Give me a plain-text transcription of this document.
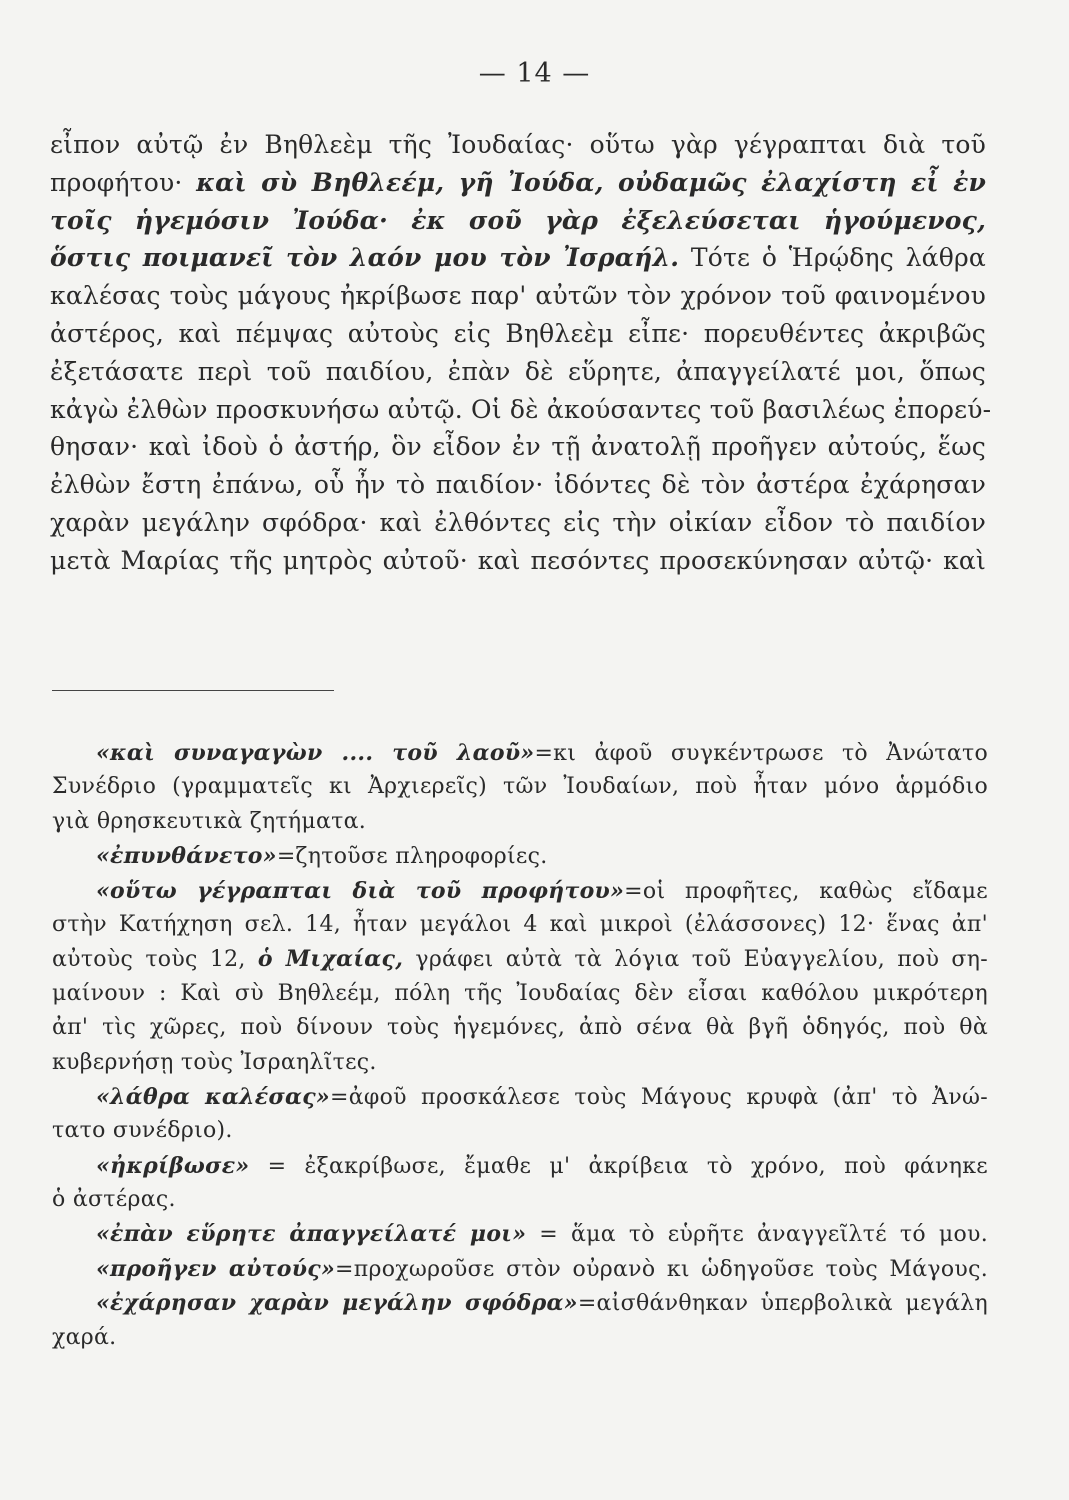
— 14 —
εἶπον αὐτῷ ἐν Βηθλεὲμ τῆς Ἰουδαίας· οὕτω γὰρ γέγραπται διὰ τοῦ
προφήτου· καὶ σὺ Βηθλεέμ, γῆ Ἰούδα, οὐδαμῶς ἐλαχίστη εἶ ἐν
τοῖς ἡγεμόσιν Ἰούδα· ἐκ σοῦ γὰρ ἐξελεύσεται ἡγούμενος,
ὅστις ποιμανεῖ τὸν λαόν μου τὸν Ἰσραήλ. Τότε ὁ Ἡρῴδης λάθρα
καλέσας τοὺς μάγους ἠκρίβωσε παρ' αὐτῶν τὸν χρόνον τοῦ φαινομένου
ἀστέρος, καὶ πέμψας αὐτοὺς εἰς Βηθλεὲμ εἶπε· πορευθέντες ἀκριβῶς
ἐξετάσατε περὶ τοῦ παιδίου, ἐπὰν δὲ εὕρητε, ἀπαγγείλατέ μοι, ὅπως
κἀγὼ ἐλθὼν προσκυνήσω αὐτῷ. Οἱ δὲ ἀκούσαντες τοῦ βασιλέως ἐπορεύ-
θησαν· καὶ ἰδοὺ ὁ ἀστήρ, ὃν εἶδον ἐν τῇ ἀνατολῇ προῆγεν αὐτούς, ἕως
ἐλθὼν ἔστη ἐπάνω, οὗ ἦν τὸ παιδίον· ἰδόντες δὲ τὸν ἀστέρα ἐχάρησαν
χαρὰν μεγάλην σφόδρα· καὶ ἐλθόντες εἰς τὴν οἰκίαν εἶδον τὸ παιδίον
μετὰ Μαρίας τῆς μητρὸς αὐτοῦ· καὶ πεσόντες προσεκύνησαν αὐτῷ· καὶ
«καὶ συναγαγὼν .... τοῦ λαοῦ»=κι ἀφοῦ συγκέντρωσε τὸ Ἀνώτατο
Συνέδριο (γραμματεῖς κι Ἀρχιερεῖς) τῶν Ἰουδαίων, ποὺ ἦταν μόνο ἁρμόδιο
γιὰ θρησκευτικὰ ζητήματα.
«ἐπυνθάνετο»=ζητοῦσε πληροφορίες.
«οὕτω γέγραπται διὰ τοῦ προφήτου»=οἱ προφῆτες, καθὼς εἴδαμε
στὴν Κατήχηση σελ. 14, ἦταν μεγάλοι 4 καὶ μικροὶ (ἐλάσσονες) 12· ἕνας ἀπ'
αὐτοὺς τοὺς 12, ὁ Μιχαίας, γράφει αὐτὰ τὰ λόγια τοῦ Εὐαγγελίου, ποὺ ση-
μαίνουν : Καὶ σὺ Βηθλεέμ, πόλη τῆς Ἰουδαίας δὲν εἶσαι καθόλου μικρότερη
ἀπ' τὶς χῶρες, ποὺ δίνουν τοὺς ἡγεμόνες, ἀπὸ σένα θὰ βγῆ ὁδηγός, ποὺ θὰ
κυβερνήσῃ τοὺς Ἰσραηλῖτες.
«λάθρα καλέσας»=ἀφοῦ προσκάλεσε τοὺς Μάγους κρυφὰ (ἀπ' τὸ Ἀνώ-
τατο συνέδριο).
«ἠκρίβωσε» = ἐξακρίβωσε, ἔμαθε μ' ἀκρίβεια τὸ χρόνο, ποὺ φάνηκε
ὁ ἀστέρας.
«ἐπὰν εὕρητε ἀπαγγείλατέ μοι» = ἅμα τὸ εὑρῆτε ἀναγγεῖλτέ τό μου.
«προῆγεν αὐτούς»=προχωροῦσε στὸν οὐρανὸ κι ὡδηγοῦσε τοὺς Μάγους.
«ἐχάρησαν χαρὰν μεγάλην σφόδρα»=αἰσθάνθηκαν ὑπερβολικὰ μεγάλη
χαρά.
